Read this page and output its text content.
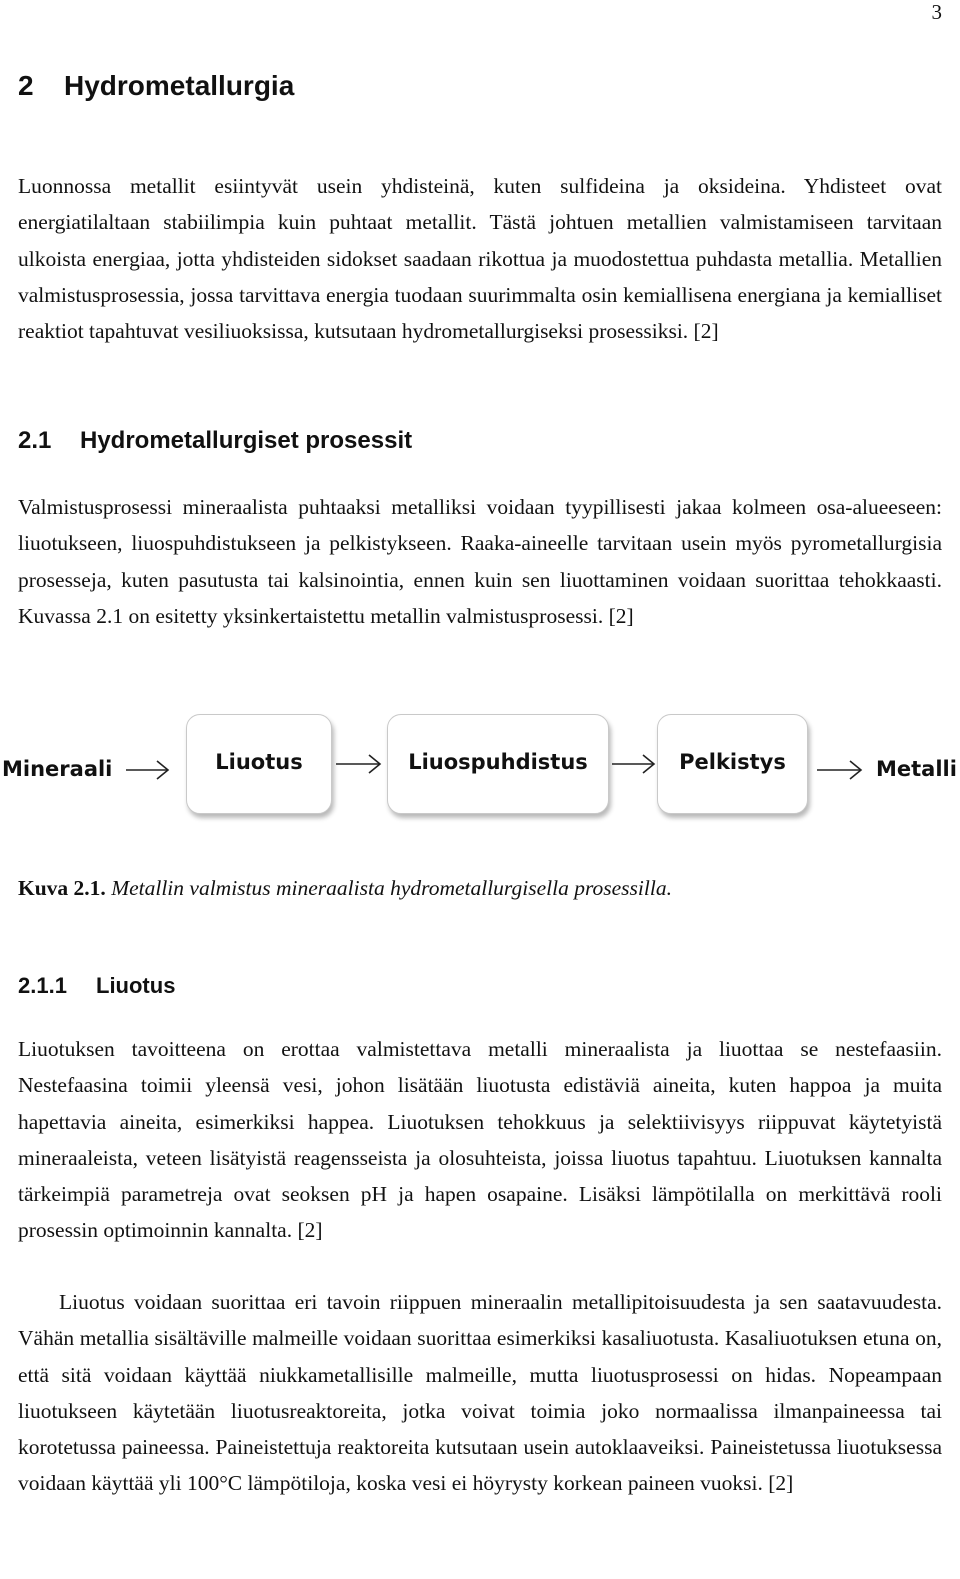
3
2 Hydrometallurgia

Luonnossa metallit esiintyvät usein yhdisteinä, kuten sulfideina ja oksideina. Yhdisteet ovat energiatilaltaan stabiilimpia kuin puhtaat metallit. Tästä johtuen metallien valmistamiseen tarvitaan ulkoista energiaa, jotta yhdisteiden sidokset saadaan rikottua ja muodostettua puhdasta metallia. Metallien valmistusprosessia, jossa tarvittava energia tuodaan suurimmalta osin kemiallisena energiana ja kemialliset reaktiot tapahtuvat vesiliuoksissa, kutsutaan hydrometallurgiseksi prosessiksi. [2]

2.1 Hydrometallurgiset prosessit

Valmistusprosessi mineraalista puhtaaksi metalliksi voidaan tyypillisesti jakaa kolmeen osa-alueeseen: liuotukseen, liuospuhdistukseen ja pelkistykseen. Raaka-aineelle tarvitaan usein myös pyrometallurgisia prosesseja, kuten pasutusta tai kalsinointia, ennen kuin sen liuottaminen voidaan suorittaa tehokkaasti. Kuvassa 2.1 on esitetty yksinkertaistettu metallin valmistusprosessi. [2]

Mineraali	Liuotus	Liuospuhdistus	Pelkistys	Metalli

Kuva 2.1. Metallin valmistus mineraalista hydrometallurgisella prosessilla.

2.1.1 Liuotus

Liuotuksen tavoitteena on erottaa valmistettava metalli mineraalista ja liuottaa se nestefaasiin. Nestefaasina toimii yleensä vesi, johon lisätään liuotusta edistäviä aineita, kuten happoa ja muita hapettavia aineita, esimerkiksi happea. Liuotuksen tehokkuus ja selektiivisyys riippuvat käytetyistä mineraaleista, veteen lisätyistä reagensseista ja olosuhteista, joissa liuotus tapahtuu. Liuotuksen kannalta tärkeimpiä parametreja ovat seoksen pH ja hapen osapaine. Lisäksi lämpötilalla on merkittävä rooli prosessin optimoinnin kannalta. [2]

Liuotus voidaan suorittaa eri tavoin riippuen mineraalin metallipitoisuudesta ja sen saatavuudesta. Vähän metallia sisältäville malmeille voidaan suorittaa esimerkiksi kasaliuotusta. Kasaliuotuksen etuna on, että sitä voidaan käyttää niukkametallisille malmeille, mutta liuotusprosessi on hidas. Nopeampaan liuotukseen käytetään liuotusreaktoreita, jotka voivat toimia joko normaalissa ilmanpaineessa tai korotetussa paineessa. Paineistettuja reaktoreita kutsutaan usein autoklaaveiksi. Paineistetussa liuotuksessa voidaan käyttää yli 100°C lämpötiloja, koska vesi ei höyrysty korkean paineen vuoksi. [2]
